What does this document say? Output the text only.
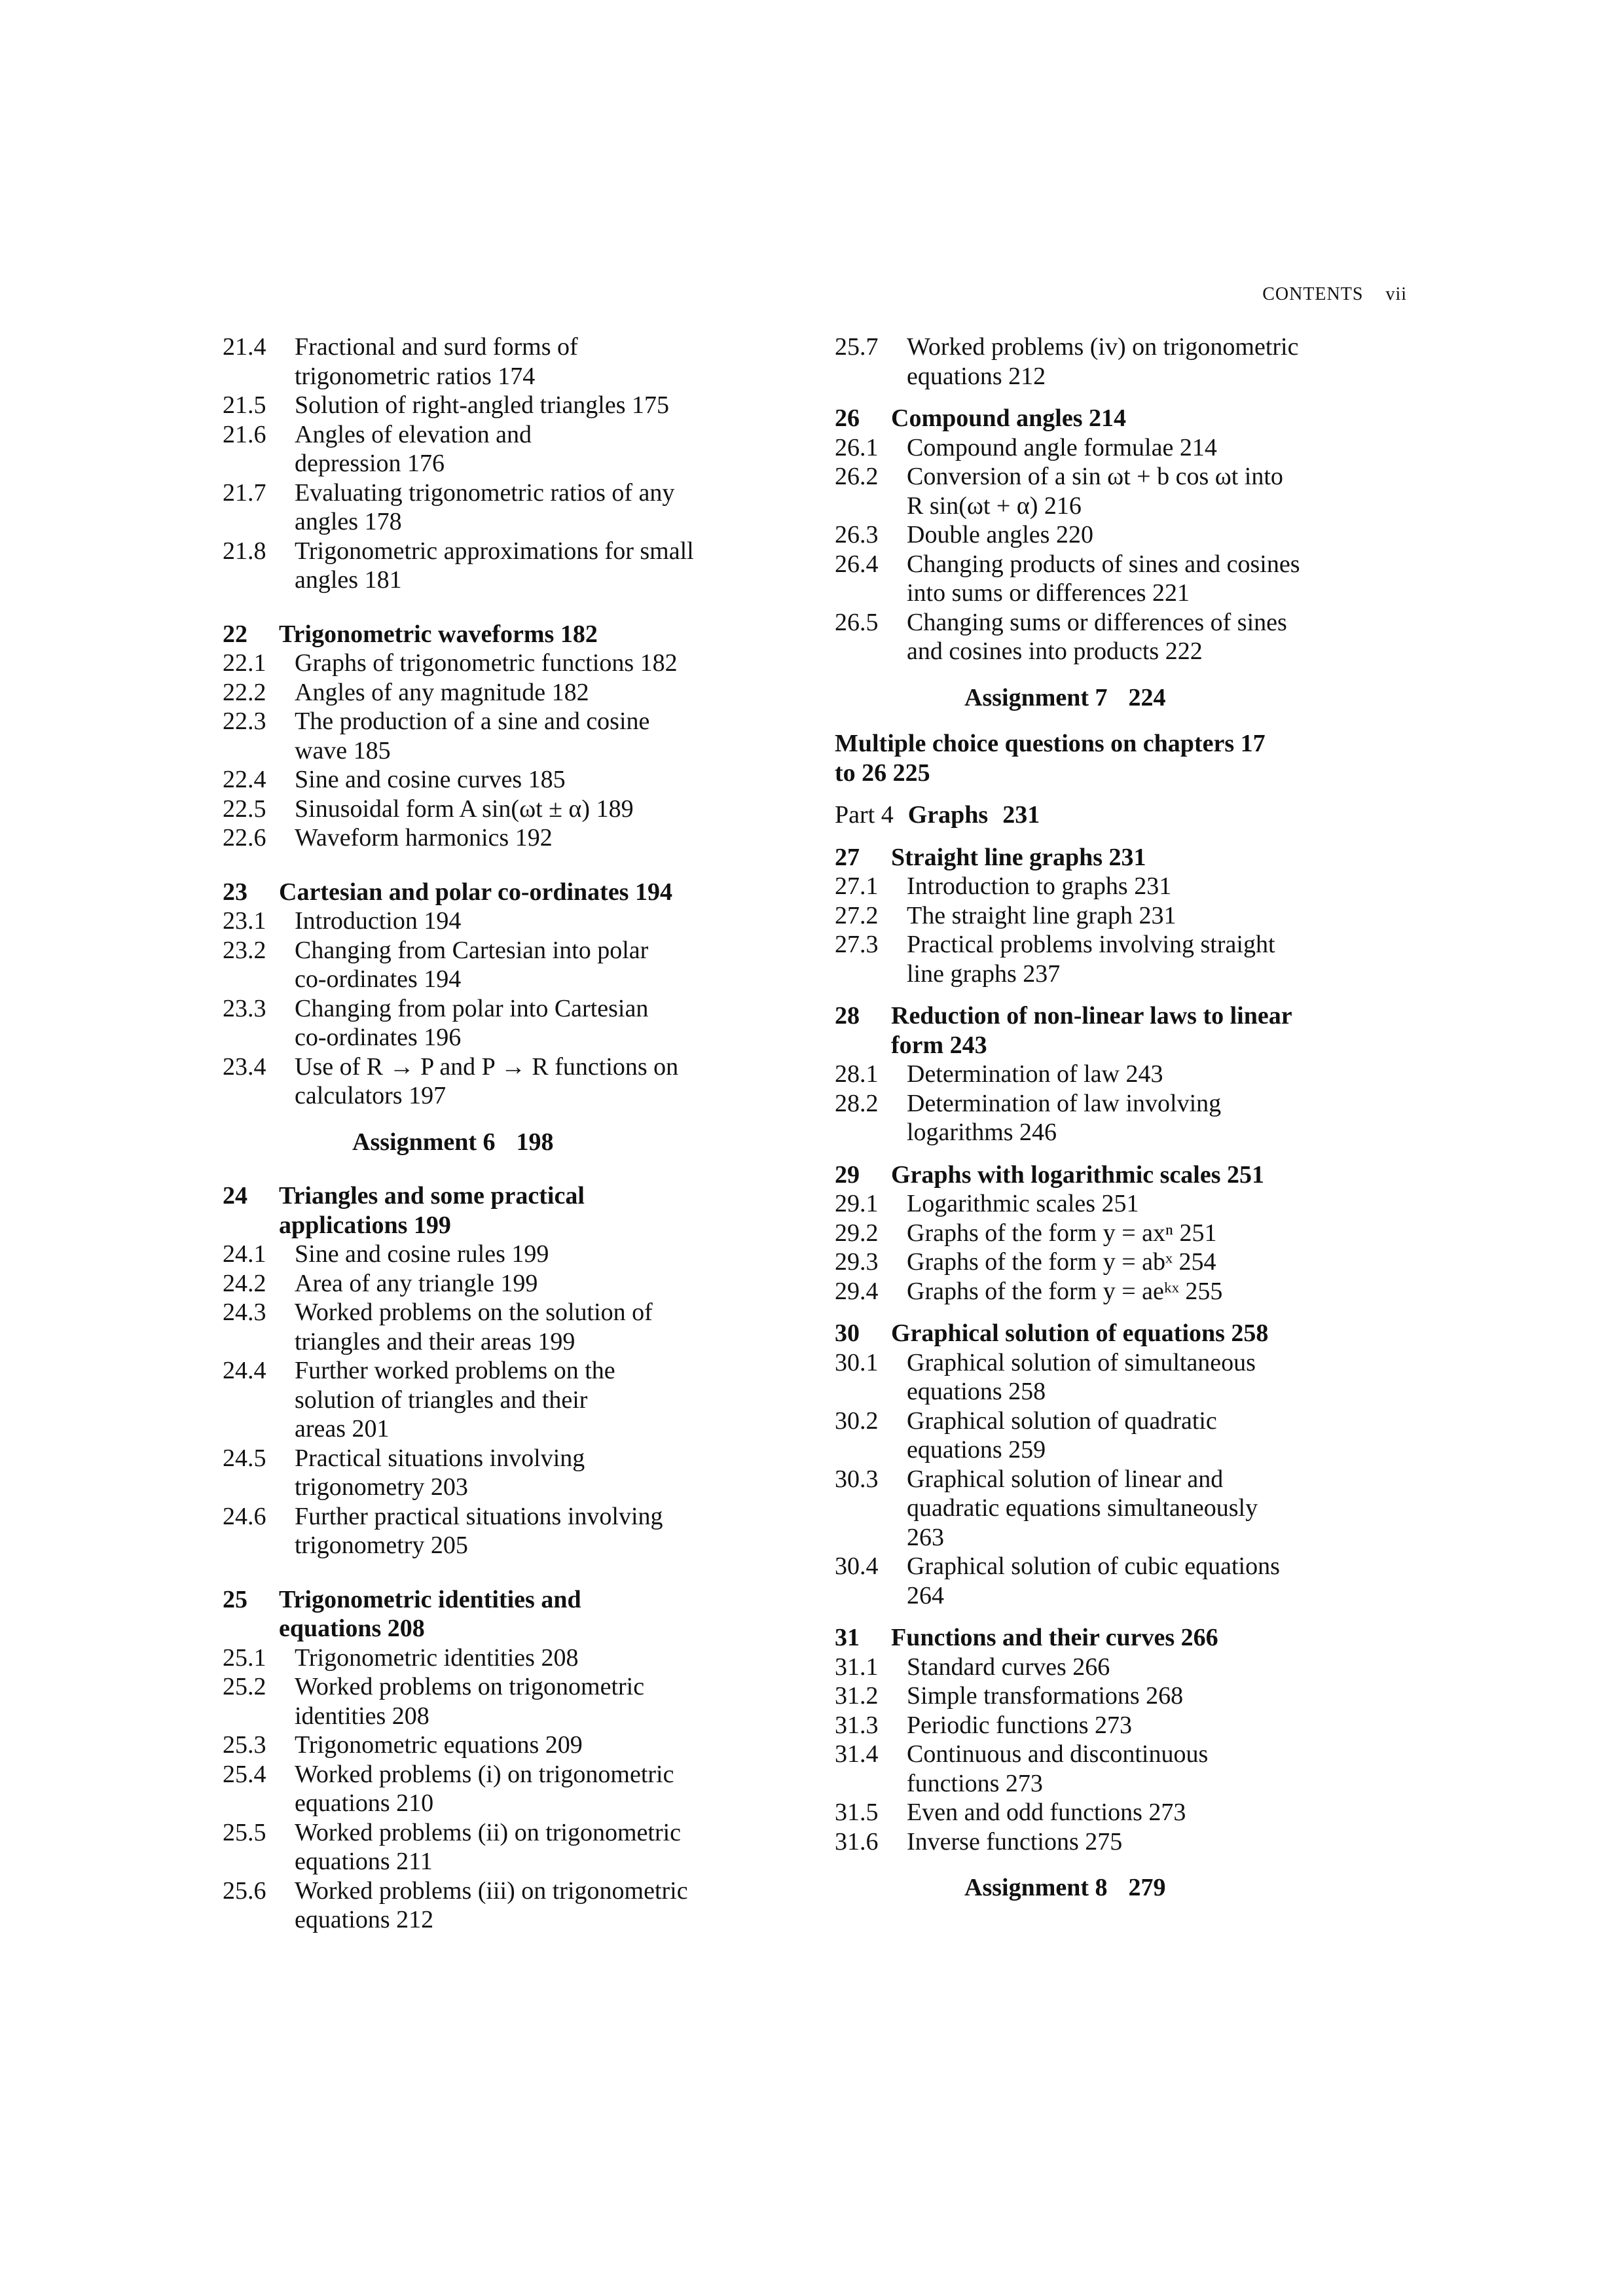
CONTENTS vii
21.4	Fractional and surd forms of
trigonometric ratios 174
21.5	Solution of right-angled triangles 175
21.6	Angles of elevation and
depression 176
21.7	Evaluating trigonometric ratios of any
angles 178
21.8	Trigonometric approximations for small
angles 181
22 Trigonometric waveforms 182
22.1	Graphs of trigonometric functions 182
22.2	Angles of any magnitude 182
22.3	The production of a sine and cosine
wave 185
22.4	Sine and cosine curves 185
22.5	Sinusoidal form A sin(ωt ± α) 189
22.6	Waveform harmonics 192
23 Cartesian and polar co-ordinates 194
23.1	Introduction 194
23.2	Changing from Cartesian into polar
co-ordinates 194
23.3	Changing from polar into Cartesian
co-ordinates 196
23.4	Use of R → P and P → R functions on
calculators 197
Assignment 6 198
24 Triangles and some practical
applications 199
24.1	Sine and cosine rules 199
24.2	Area of any triangle 199
24.3	Worked problems on the solution of
triangles and their areas 199
24.4	Further worked problems on the
solution of triangles and their
areas 201
24.5	Practical situations involving
trigonometry 203
24.6	Further practical situations involving
trigonometry 205
25 Trigonometric identities and
equations 208
25.1	Trigonometric identities 208
25.2	Worked problems on trigonometric
identities 208
25.3	Trigonometric equations 209
25.4	Worked problems (i) on trigonometric
equations 210
25.5	Worked problems (ii) on trigonometric
equations 211
25.6	Worked problems (iii) on trigonometric
equations 212
25.7	Worked problems (iv) on trigonometric
equations 212
26 Compound angles 214
26.1	Compound angle formulae 214
26.2	Conversion of a sin ωt + b cos ωt into
R sin(ωt + α) 216
26.3	Double angles 220
26.4	Changing products of sines and cosines
into sums or differences 221
26.5	Changing sums or differences of sines
and cosines into products 222
Assignment 7 224
Multiple choice questions on chapters 17
to 26 225
Part 4 Graphs 231
27 Straight line graphs 231
27.1	Introduction to graphs 231
27.2	The straight line graph 231
27.3	Practical problems involving straight
line graphs 237
28 Reduction of non-linear laws to linear
form 243
28.1	Determination of law 243
28.2	Determination of law involving
logarithms 246
29 Graphs with logarithmic scales 251
29.1	Logarithmic scales 251
29.2	Graphs of the form y = axⁿ 251
29.3	Graphs of the form y = abˣ 254
29.4	Graphs of the form y = aeᵏˣ 255
30 Graphical solution of equations 258
30.1	Graphical solution of simultaneous
equations 258
30.2	Graphical solution of quadratic
equations 259
30.3	Graphical solution of linear and
quadratic equations simultaneously
263
30.4	Graphical solution of cubic equations
264
31 Functions and their curves 266
31.1	Standard curves 266
31.2	Simple transformations 268
31.3	Periodic functions 273
31.4	Continuous and discontinuous
functions 273
31.5	Even and odd functions 273
31.6	Inverse functions 275
Assignment 8 279
